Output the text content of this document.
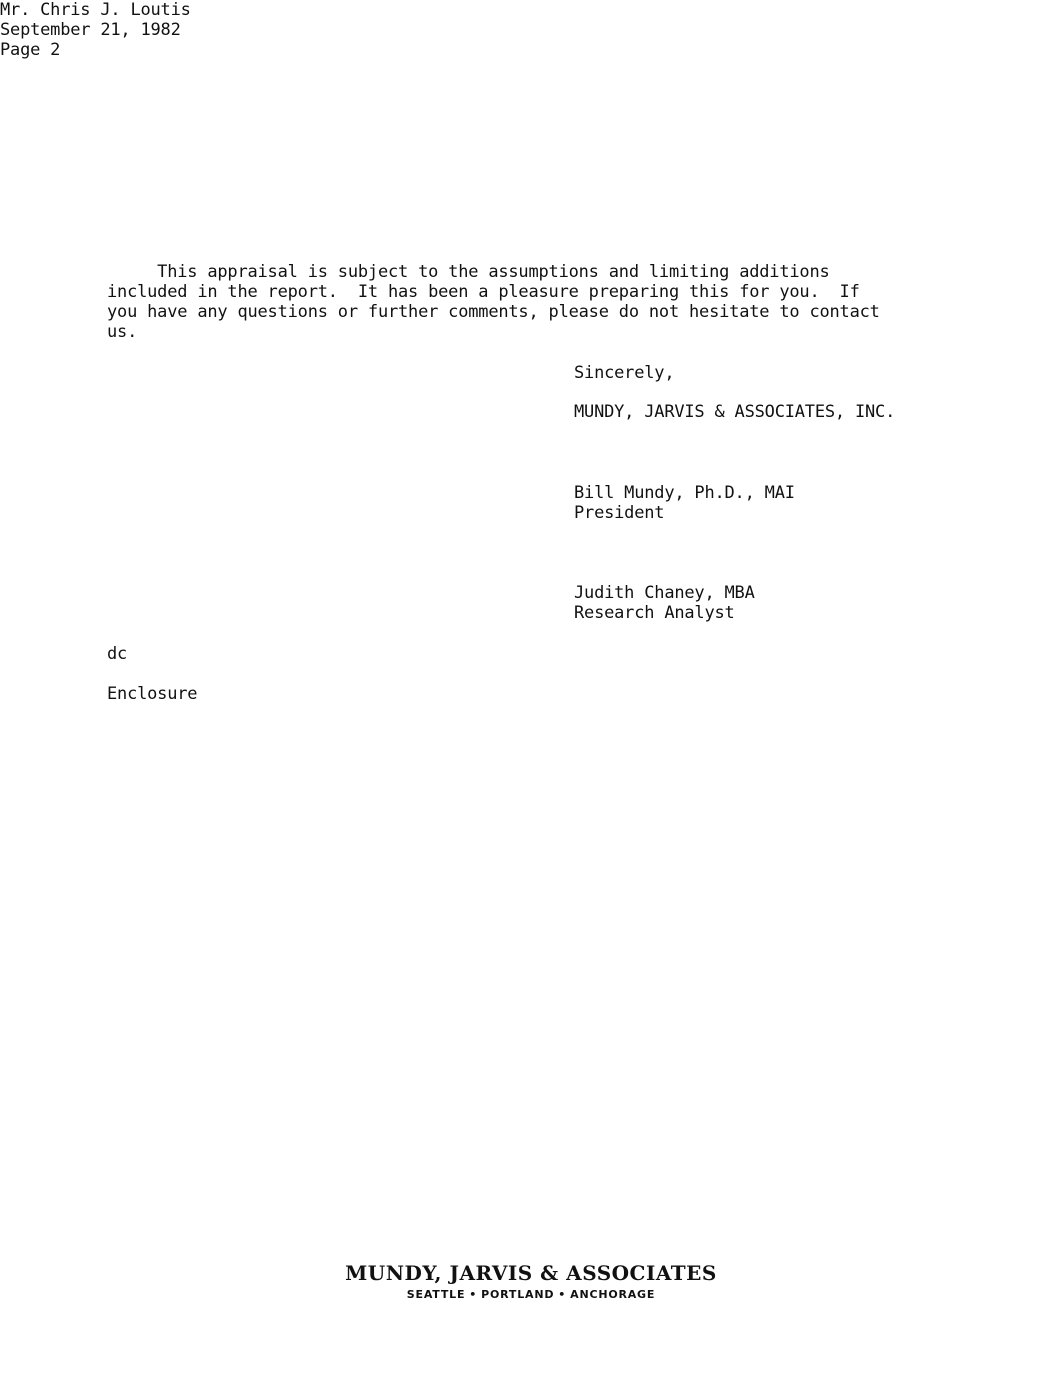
Mr. Chris J. Loutis
September 21, 1982
Page 2
This appraisal is subject to the assumptions and limiting additions
included in the report.  It has been a pleasure preparing this for you.  If
you have any questions or further comments, please do not hesitate to contact
us.
Sincerely,
MUNDY, JARVIS & ASSOCIATES, INC.
Bill Mundy, Ph.D., MAI
President
Judith Chaney, MBA
Research Analyst
dc
Enclosure
MUNDY, JARVIS & ASSOCIATES
SEATTLE • PORTLAND • ANCHORAGE
